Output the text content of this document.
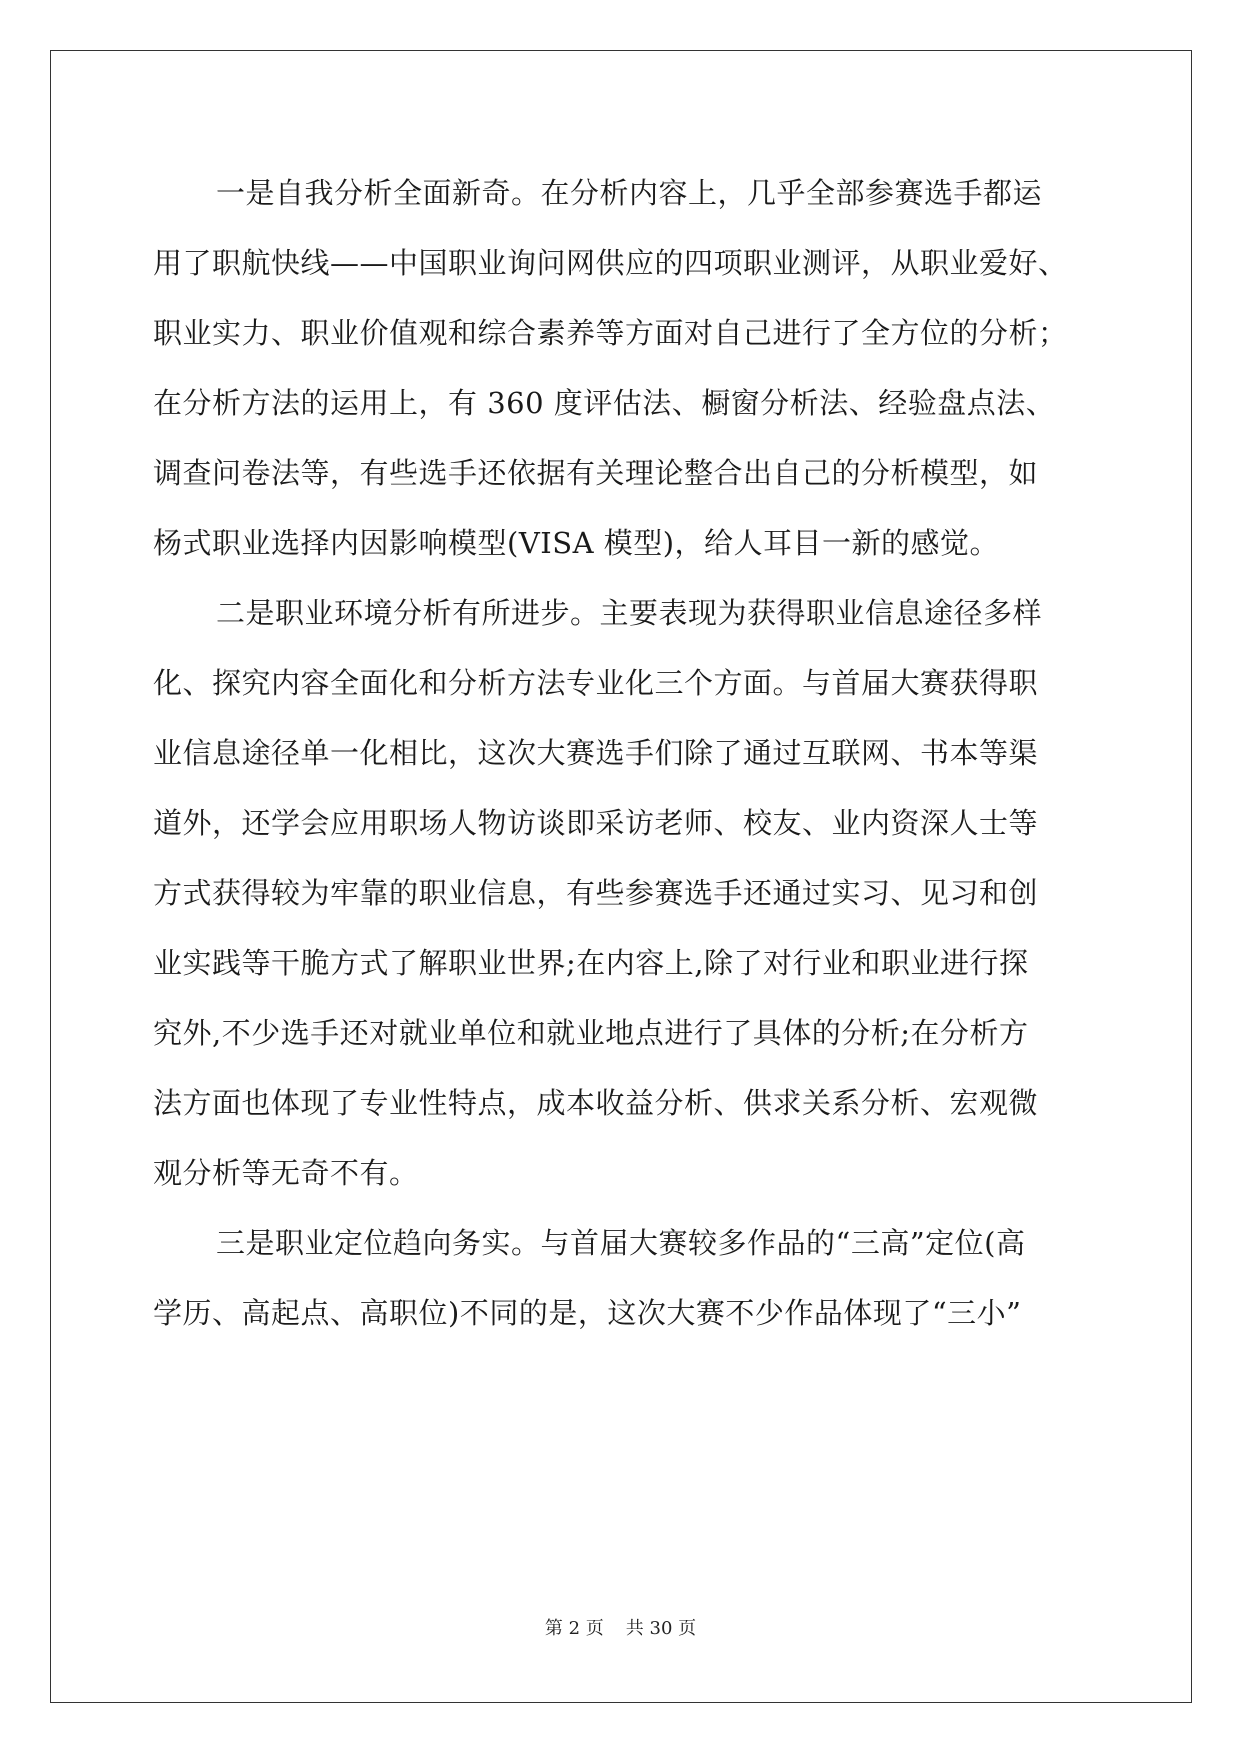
一是自我分析全面新奇。在分析内容上，几乎全部参赛选手都运
用了职航快线——中国职业询问网供应的四项职业测评，从职业爱好、
职业实力、职业价值观和综合素养等方面对自己进行了全方位的分析；
在分析方法的运用上，有 360 度评估法、橱窗分析法、经验盘点法、
调查问卷法等，有些选手还依据有关理论整合出自己的分析模型，如
杨式职业选择内因影响模型(VISA 模型)，给人耳目一新的感觉。
二是职业环境分析有所进步。主要表现为获得职业信息途径多样
化、探究内容全面化和分析方法专业化三个方面。与首届大赛获得职
业信息途径单一化相比，这次大赛选手们除了通过互联网、书本等渠
道外，还学会应用职场人物访谈即采访老师、校友、业内资深人士等
方式获得较为牢靠的职业信息，有些参赛选手还通过实习、见习和创
业实践等干脆方式了解职业世界;在内容上,除了对行业和职业进行探
究外,不少选手还对就业单位和就业地点进行了具体的分析;在分析方
法方面也体现了专业性特点，成本收益分析、供求关系分析、宏观微
观分析等无奇不有。
三是职业定位趋向务实。与首届大赛较多作品的“三高”定位(高
学历、高起点、高职位)不同的是，这次大赛不少作品体现了“三小”
第 2 页 共 30 页
